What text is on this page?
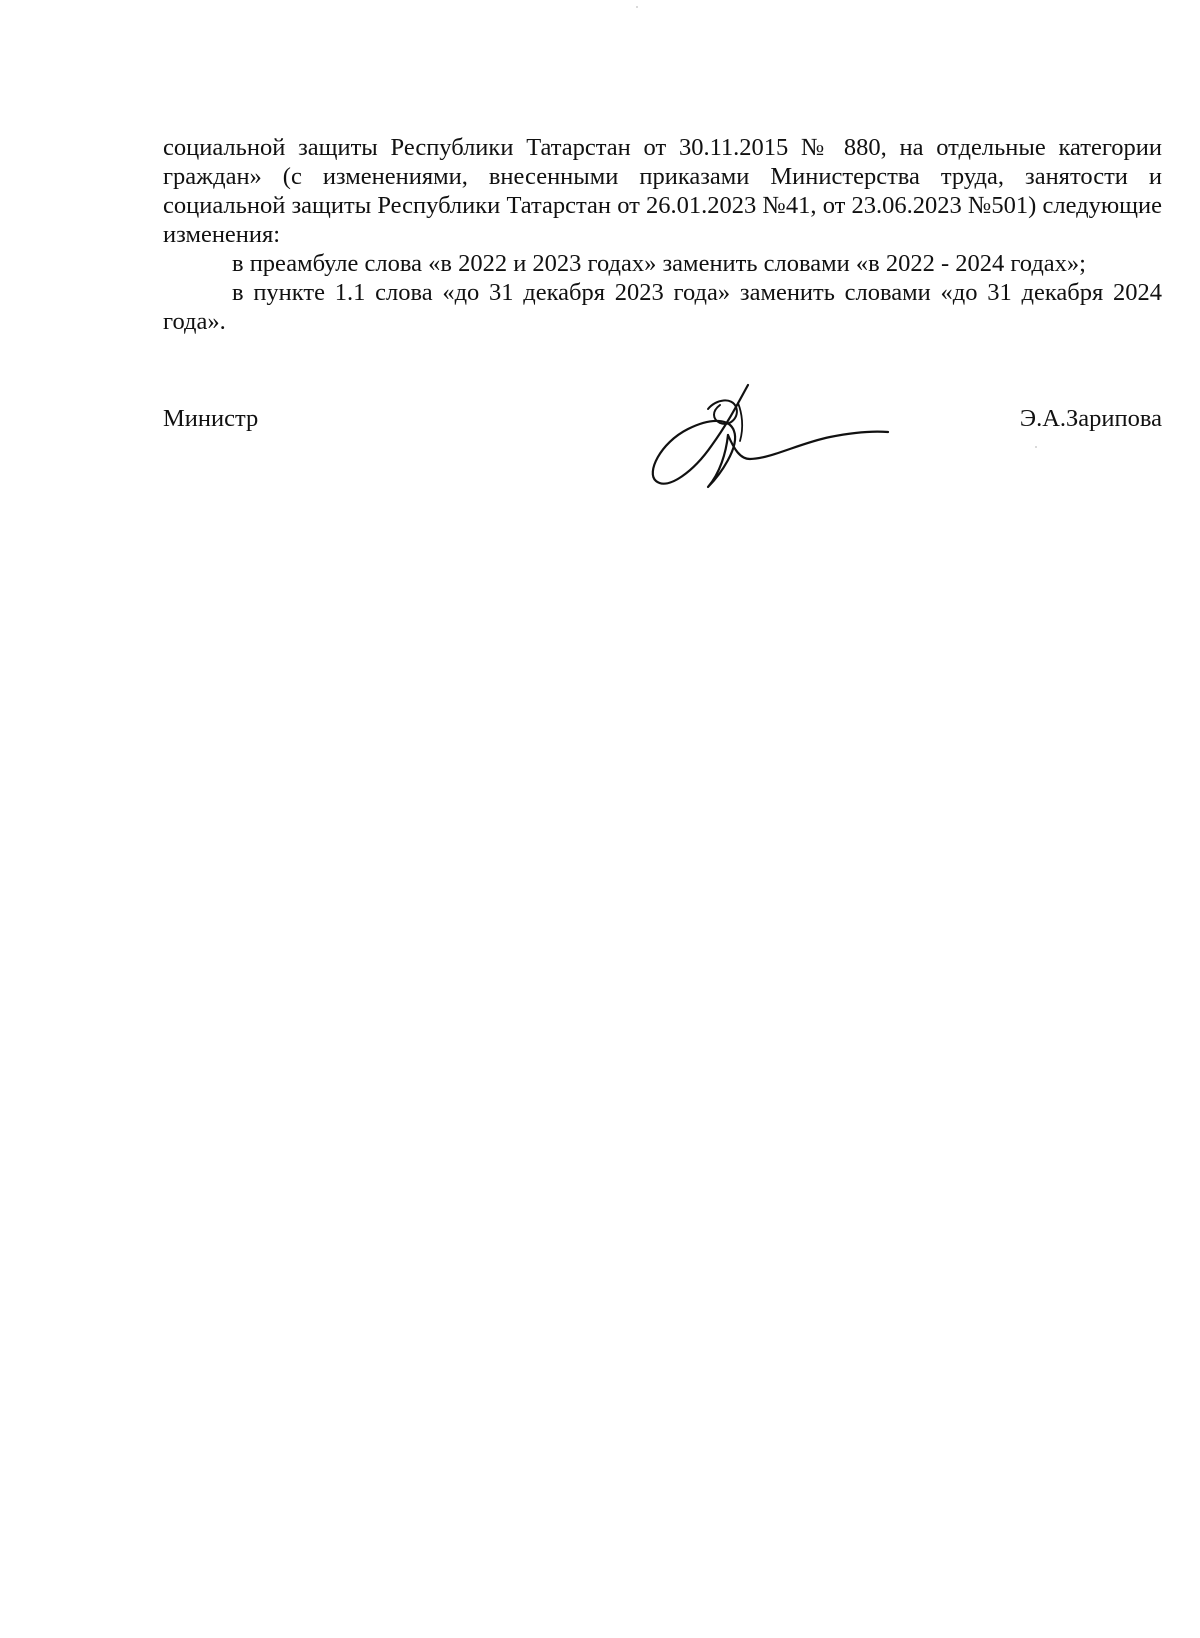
социальной защиты Республики Татарстан от 30.11.2015 № 880, на отдельные категории граждан» (с изменениями, внесенными приказами Министерства труда, занятости и социальной защиты Республики Татарстан от 26.01.2023 №41, от 23.06.2023 №501) следующие изменения:

в преамбуле слова «в 2022 и 2023 годах» заменить словами «в 2022 - 2024 годах»;

в пункте 1.1 слова «до 31 декабря 2023 года» заменить словами «до 31 декабря 2024 года».

Министр	Э.А.Зарипова
